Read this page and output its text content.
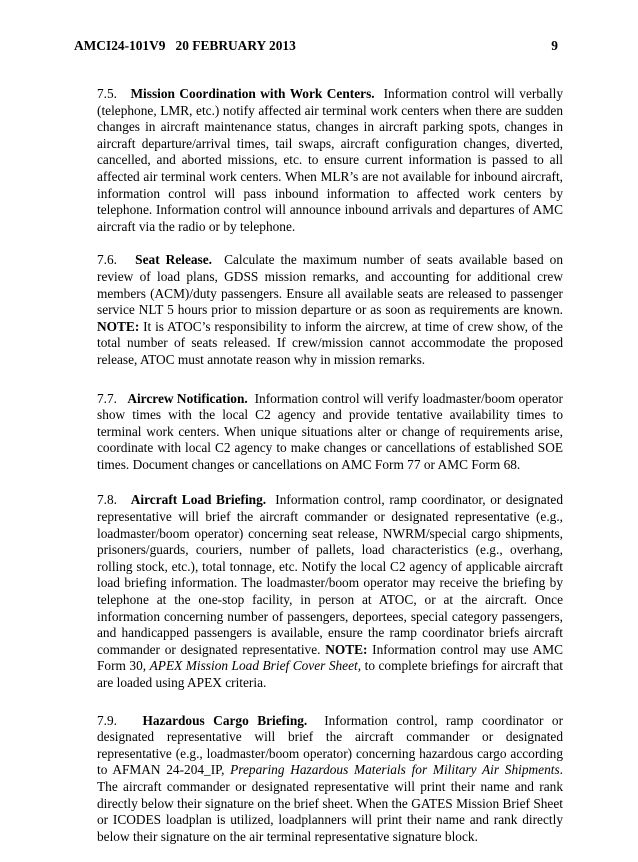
AMCI24-101V9   20 FEBRUARY 2013	9

7.5. Mission Coordination with Work Centers. Information control will verbally (telephone, LMR, etc.) notify affected air terminal work centers when there are sudden changes in aircraft maintenance status, changes in aircraft parking spots, changes in aircraft departure/arrival times, tail swaps, aircraft configuration changes, diverted, cancelled, and aborted missions, etc. to ensure current information is passed to all affected air terminal work centers. When MLR’s are not available for inbound aircraft, information control will pass inbound information to affected work centers by telephone. Information control will announce inbound arrivals and departures of AMC aircraft via the radio or by telephone.

7.6. Seat Release. Calculate the maximum number of seats available based on review of load plans, GDSS mission remarks, and accounting for additional crew members (ACM)/duty passengers. Ensure all available seats are released to passenger service NLT 5 hours prior to mission departure or as soon as requirements are known. NOTE: It is ATOC’s responsibility to inform the aircrew, at time of crew show, of the total number of seats released. If crew/mission cannot accommodate the proposed release, ATOC must annotate reason why in mission remarks.

7.7. Aircrew Notification. Information control will verify loadmaster/boom operator show times with the local C2 agency and provide tentative availability times to terminal work centers. When unique situations alter or change of requirements arise, coordinate with local C2 agency to make changes or cancellations of established SOE times. Document changes or cancellations on AMC Form 77 or AMC Form 68.

7.8. Aircraft Load Briefing. Information control, ramp coordinator, or designated representative will brief the aircraft commander or designated representative (e.g., loadmaster/boom operator) concerning seat release, NWRM/special cargo shipments, prisoners/guards, couriers, number of pallets, load characteristics (e.g., overhang, rolling stock, etc.), total tonnage, etc. Notify the local C2 agency of applicable aircraft load briefing information. The loadmaster/boom operator may receive the briefing by telephone at the one-stop facility, in person at ATOC, or at the aircraft. Once information concerning number of passengers, deportees, special category passengers, and handicapped passengers is available, ensure the ramp coordinator briefs aircraft commander or designated representative. NOTE: Information control may use AMC Form 30, APEX Mission Load Brief Cover Sheet, to complete briefings for aircraft that are loaded using APEX criteria.

7.9. Hazardous Cargo Briefing. Information control, ramp coordinator or designated representative will brief the aircraft commander or designated representative (e.g., loadmaster/boom operator) concerning hazardous cargo according to AFMAN 24-204_IP, Preparing Hazardous Materials for Military Air Shipments. The aircraft commander or designated representative will print their name and rank directly below their signature on the brief sheet. When the GATES Mission Brief Sheet or ICODES loadplan is utilized, loadplanners will print their name and rank directly below their signature on the air terminal representative signature block.
